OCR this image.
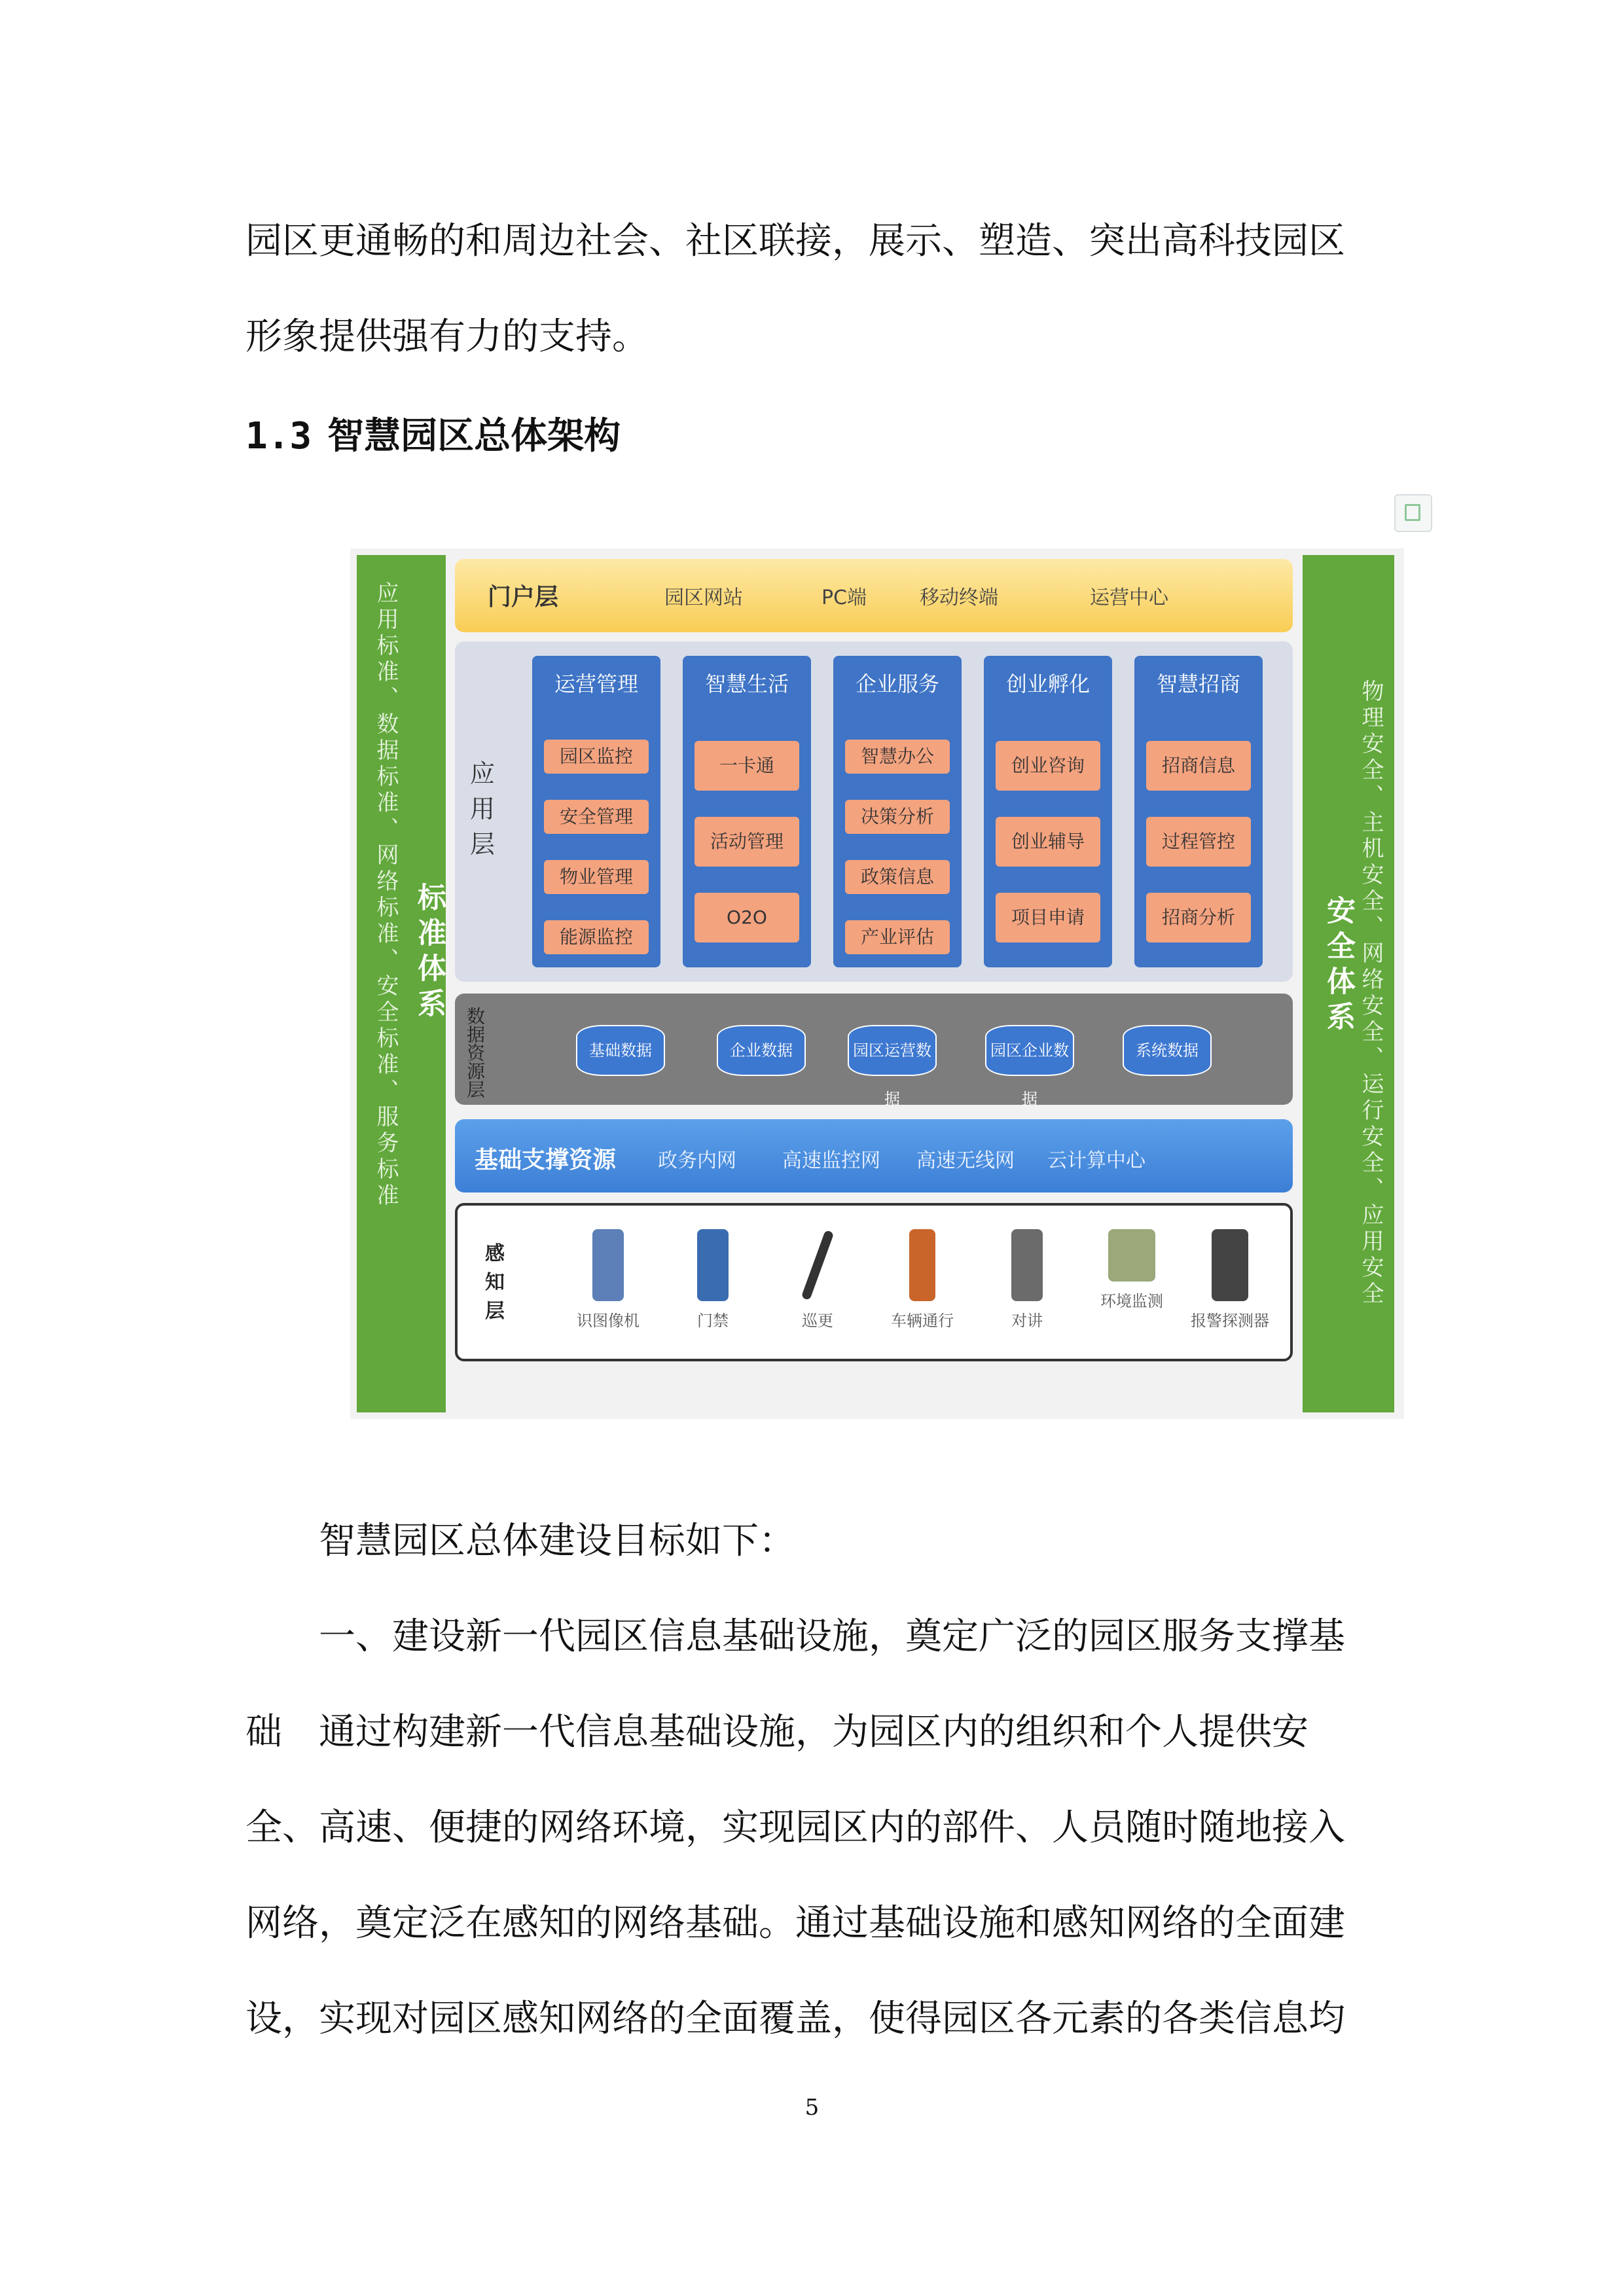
园区更通畅的和周边社会、社区联接，展示、塑造、突出高科技园区

形象提供强有力的支持。

1.3 智慧园区总体架构
应用标准、数据标准、网络标准、安全标准、服务标准 标准体系	安全体系 物理安全、主机安全、网络安全、运行安全、应用安全
门户层	园区网站	PC端	移动终端	运营中心
应用层
运营管理
园区监控
安全管理
物业管理
能源监控
智慧生活
一卡通
活动管理
O2O
企业服务
智慧办公
决策分析
政策信息
产业评估
创业孵化
创业咨询
创业辅导
项目申请
智慧招商
招商信息
过程管控
招商分析
数据资源层	基础数据	企业数据	园区运营数据
园区企业数据
系统数据
基础支撑资源 政务内网 高速监控网 高速无线网 云计算中心
感知层	识图像机	门禁	巡更	车辆通行	对讲
环境监测
报警探测器

智慧园区总体建设目标如下：

一、建设新一代园区信息基础设施，奠定广泛的园区服务支撑基

础　通过构建新一代信息基础设施，为园区内的组织和个人提供安

全、高速、便捷的网络环境，实现园区内的部件、人员随时随地接入

网络，奠定泛在感知的网络基础。通过基础设施和感知网络的全面建

设，实现对园区感知网络的全面覆盖，使得园区各元素的各类信息均

5
